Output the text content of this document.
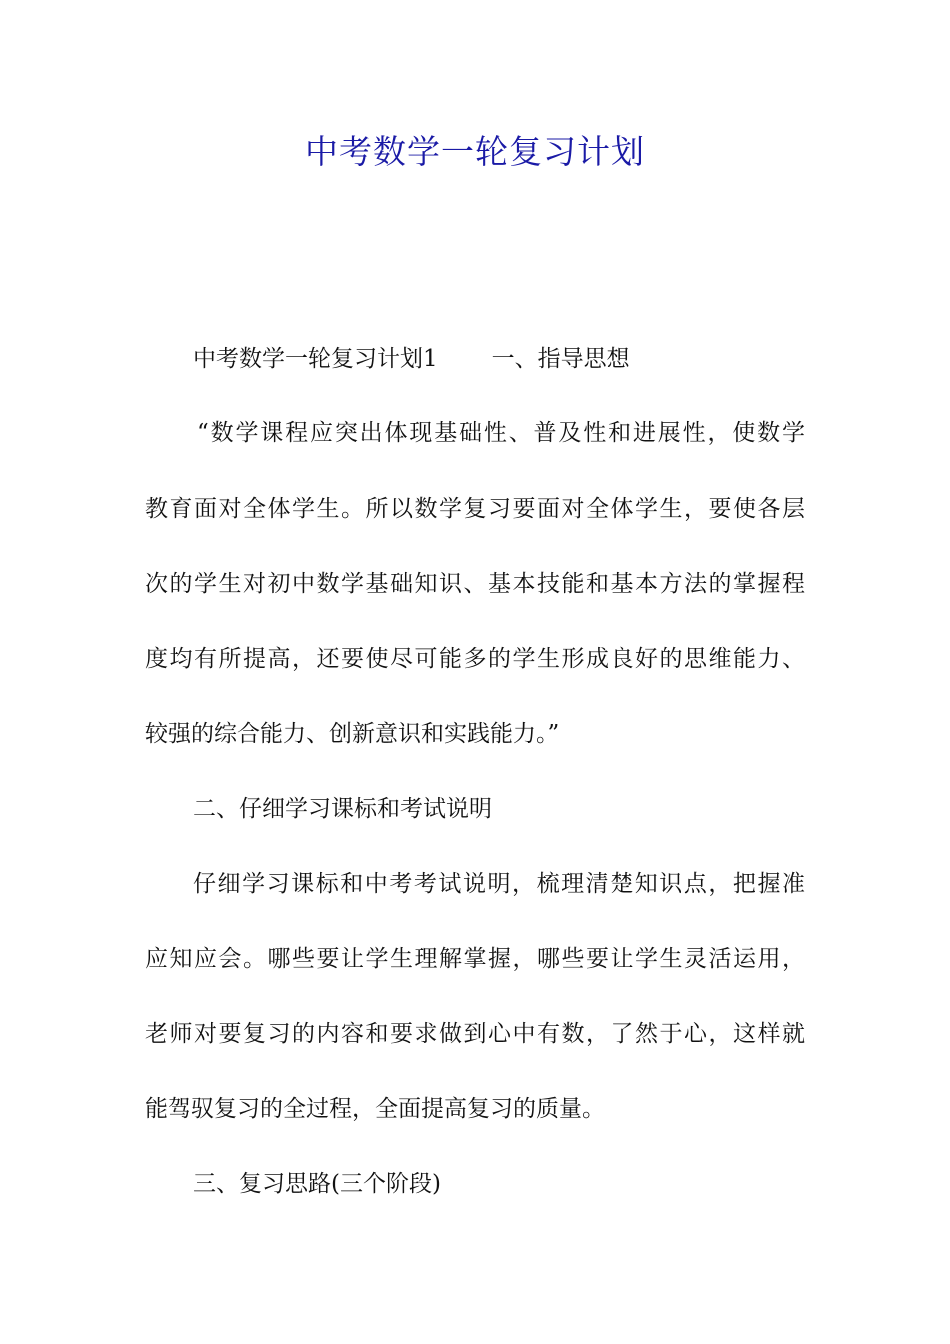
中考数学一轮复习计划
中考数学一轮复习计划1 一、指导思想
“数学课程应突出体现基础性、普及性和进展性，使数学
教育面对全体学生。所以数学复习要面对全体学生，要使各层
次的学生对初中数学基础知识、基本技能和基本方法的掌握程
度均有所提高，还要使尽可能多的学生形成良好的思维能力、
较强的综合能力、创新意识和实践能力。”
二、仔细学习课标和考试说明
仔细学习课标和中考考试说明，梳理清楚知识点，把握准
应知应会。哪些要让学生理解掌握，哪些要让学生灵活运用，
老师对要复习的内容和要求做到心中有数，了然于心，这样就
能驾驭复习的全过程，全面提高复习的质量。
三、复习思路(三个阶段)
